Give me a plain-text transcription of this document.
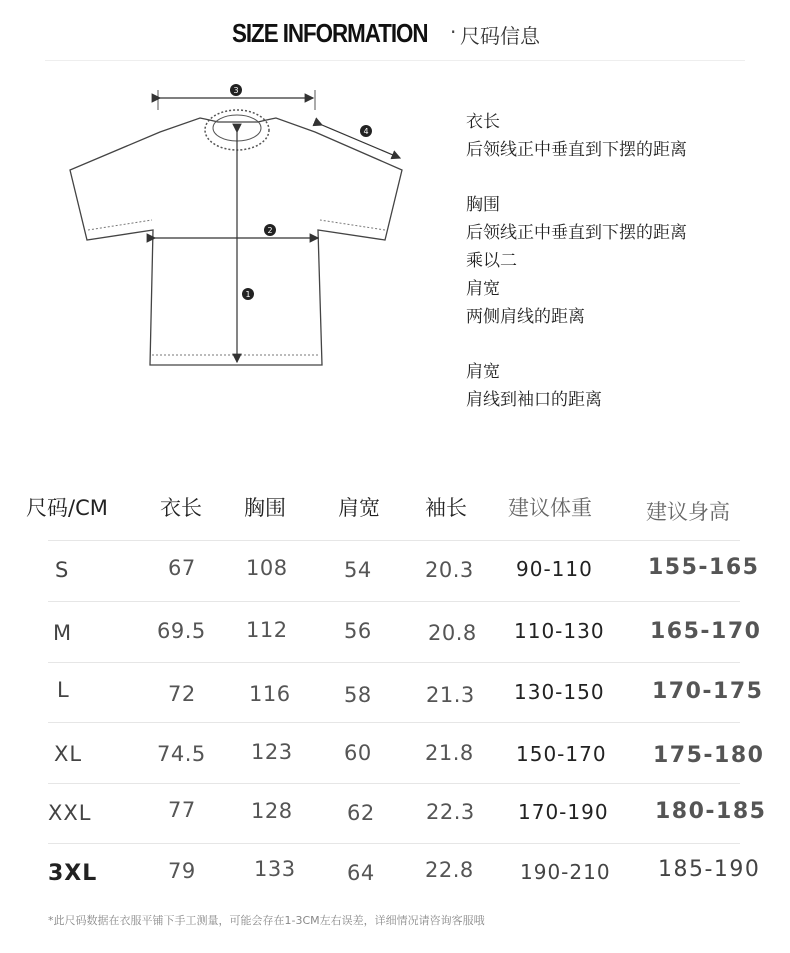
SIZE INFORMATION · 尺码信息
1
2
3
4	衣长

后领线正中垂直到下摆的距离

胸围

后领线正中垂直到下摆的距离

乘以二

肩宽

两侧肩线的距离

肩宽

肩线到袖口的距离

尺码/CM 衣长 胸围 肩宽 袖长 建议体重	建议身高
S	67 108	54	20.3 90-110	155-165
M	69.5 112	56	20.8 110-130 165-170
L	72	116	58	21.3 130-150 170-175
XL	74.5 123 60	21.8 150-170 175-180
XXL	77	128	62 22.3 170-190 180-185
3XL	79	133 64 22.8 190-210 185-190
*此尺码数据在衣服平铺下手工测量，可能会存在1-3CM左右误差，详细情况请咨询客服哦
